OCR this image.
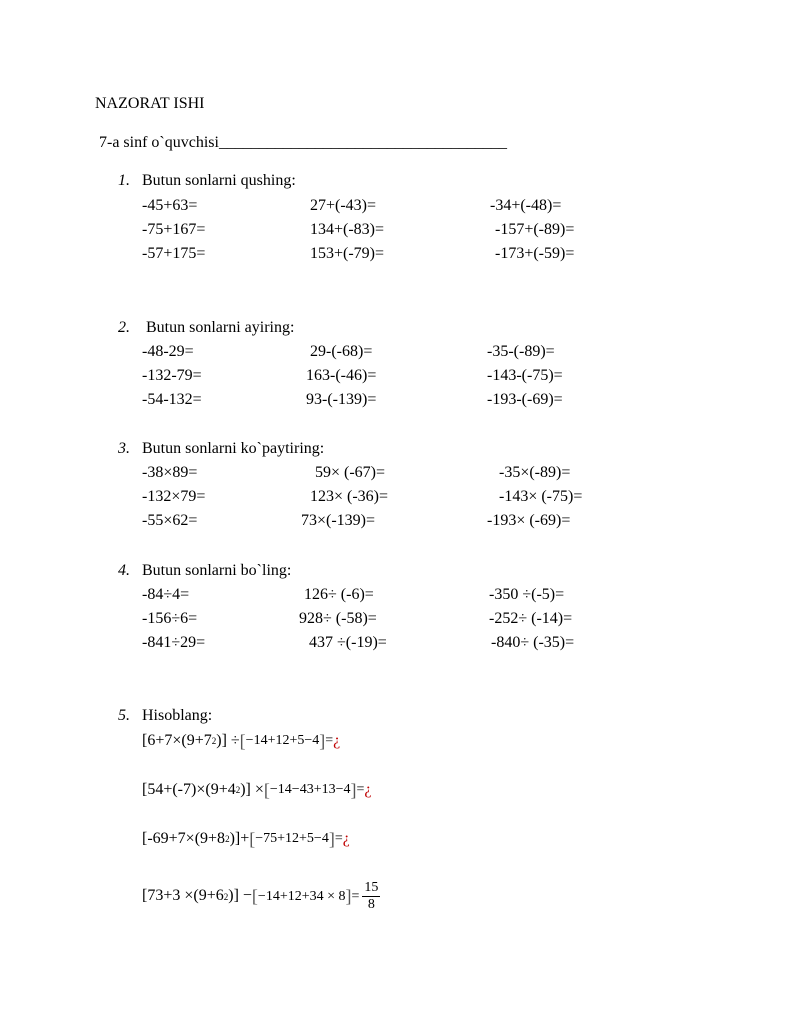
NAZORAT ISHI
7-a sinf o`quvchisi____________________________________
1. Butun sonlarni qushing:
-45+63=	27+(-43)=	-34+(-48)=
-75+167=	134+(-83)=	-157+(-89)=
-57+175=	153+(-79)=	-173+(-59)=
2. Butun sonlarni ayiring:
-48-29=	29-(-68)=	-35-(-89)=
-132-79=	163-(-46)=	-143-(-75)=
-54-132=	93-(-139)=	-193-(-69)=
3. Butun sonlarni ko`paytiring:
-38×89=	59× (-67)=	-35×(-89)=
-132×79=	123× (-36)=	-143× (-75)=
-55×62=	73×(-139)=	-193× (-69)=
4. Butun sonlarni bo`ling:
-84÷4=	126÷ (-6)=	-350 ÷(-5)=
-156÷6=	928÷ (-58)=	-252÷ (-14)=
-841÷29=	437 ÷(-19)=	-840÷ (-35)=
5. Hisoblang:
[6+7×(9+7 2 )] ÷ [ −14+12+5−4 ] = ¿
[54+(-7)×(9+4 2 )] × [ −14−43+13−4 ] = ¿
[-69+7×(9+8 2 )]+ [ −75+12+5−4 ] = ¿
[73+3 ×(9+6 2 )] − [ −14+12+34 × 8 ] = $\frac{15}{8}$
